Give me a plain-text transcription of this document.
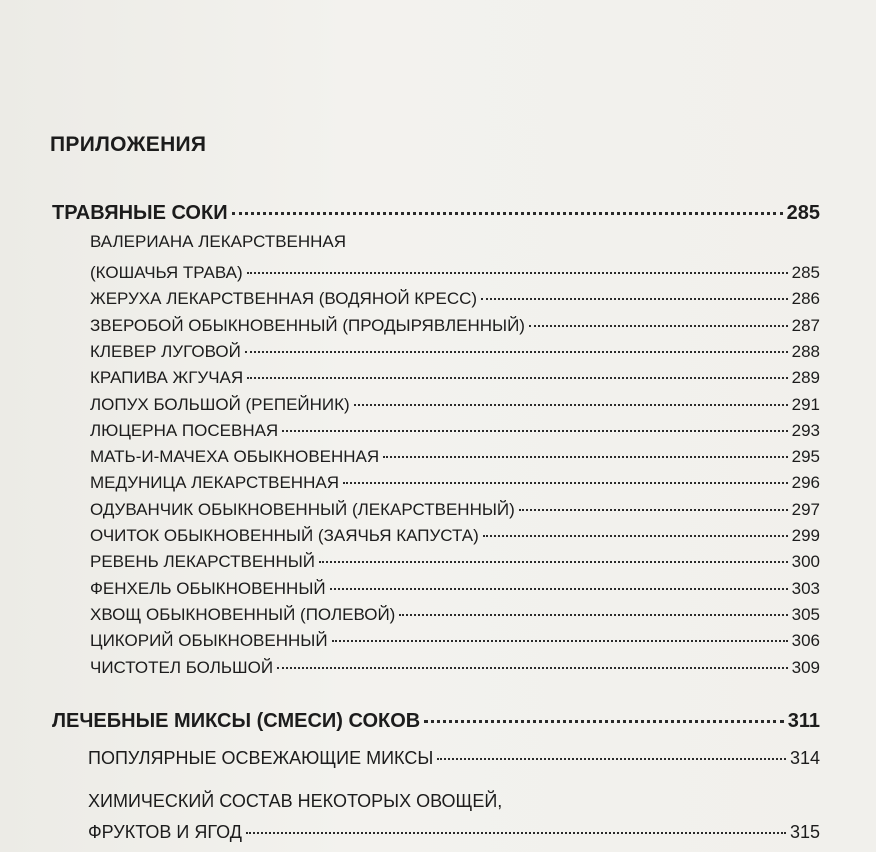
ПРИЛОЖЕНИЯ
ТРАВЯНЫЕ СОКИ	285
ВАЛЕРИАНА ЛЕКАРСТВЕННАЯ
(КОШАЧЬЯ ТРАВА)	285
ЖЕРУХА ЛЕКАРСТВЕННАЯ (ВОДЯНОЙ КРЕСС)	286
ЗВЕРОБОЙ ОБЫКНОВЕННЫЙ (ПРОДЫРЯВЛЕННЫЙ)	287
КЛЕВЕР ЛУГОВОЙ	288
КРАПИВА ЖГУЧАЯ	289
ЛОПУХ БОЛЬШОЙ (РЕПЕЙНИК)	291
ЛЮЦЕРНА ПОСЕВНАЯ	293
МАТЬ-И-МАЧЕХА ОБЫКНОВЕННАЯ	295
МЕДУНИЦА ЛЕКАРСТВЕННАЯ	296
ОДУВАНЧИК ОБЫКНОВЕННЫЙ (ЛЕКАРСТВЕННЫЙ)	297
ОЧИТОК ОБЫКНОВЕННЫЙ (ЗАЯЧЬЯ КАПУСТА)	299
РЕВЕНЬ ЛЕКАРСТВЕННЫЙ	300
ФЕНХЕЛЬ ОБЫКНОВЕННЫЙ	303
ХВОЩ ОБЫКНОВЕННЫЙ (ПОЛЕВОЙ)	305
ЦИКОРИЙ ОБЫКНОВЕННЫЙ	306
ЧИСТОТЕЛ БОЛЬШОЙ	309
ЛЕЧЕБНЫЕ МИКСЫ (СМЕСИ) СОКОВ	311
ПОПУЛЯРНЫЕ ОСВЕЖАЮЩИЕ МИКСЫ	314
ХИМИЧЕСКИЙ СОСТАВ НЕКОТОРЫХ ОВОЩЕЙ,
ФРУКТОВ И ЯГОД	315
